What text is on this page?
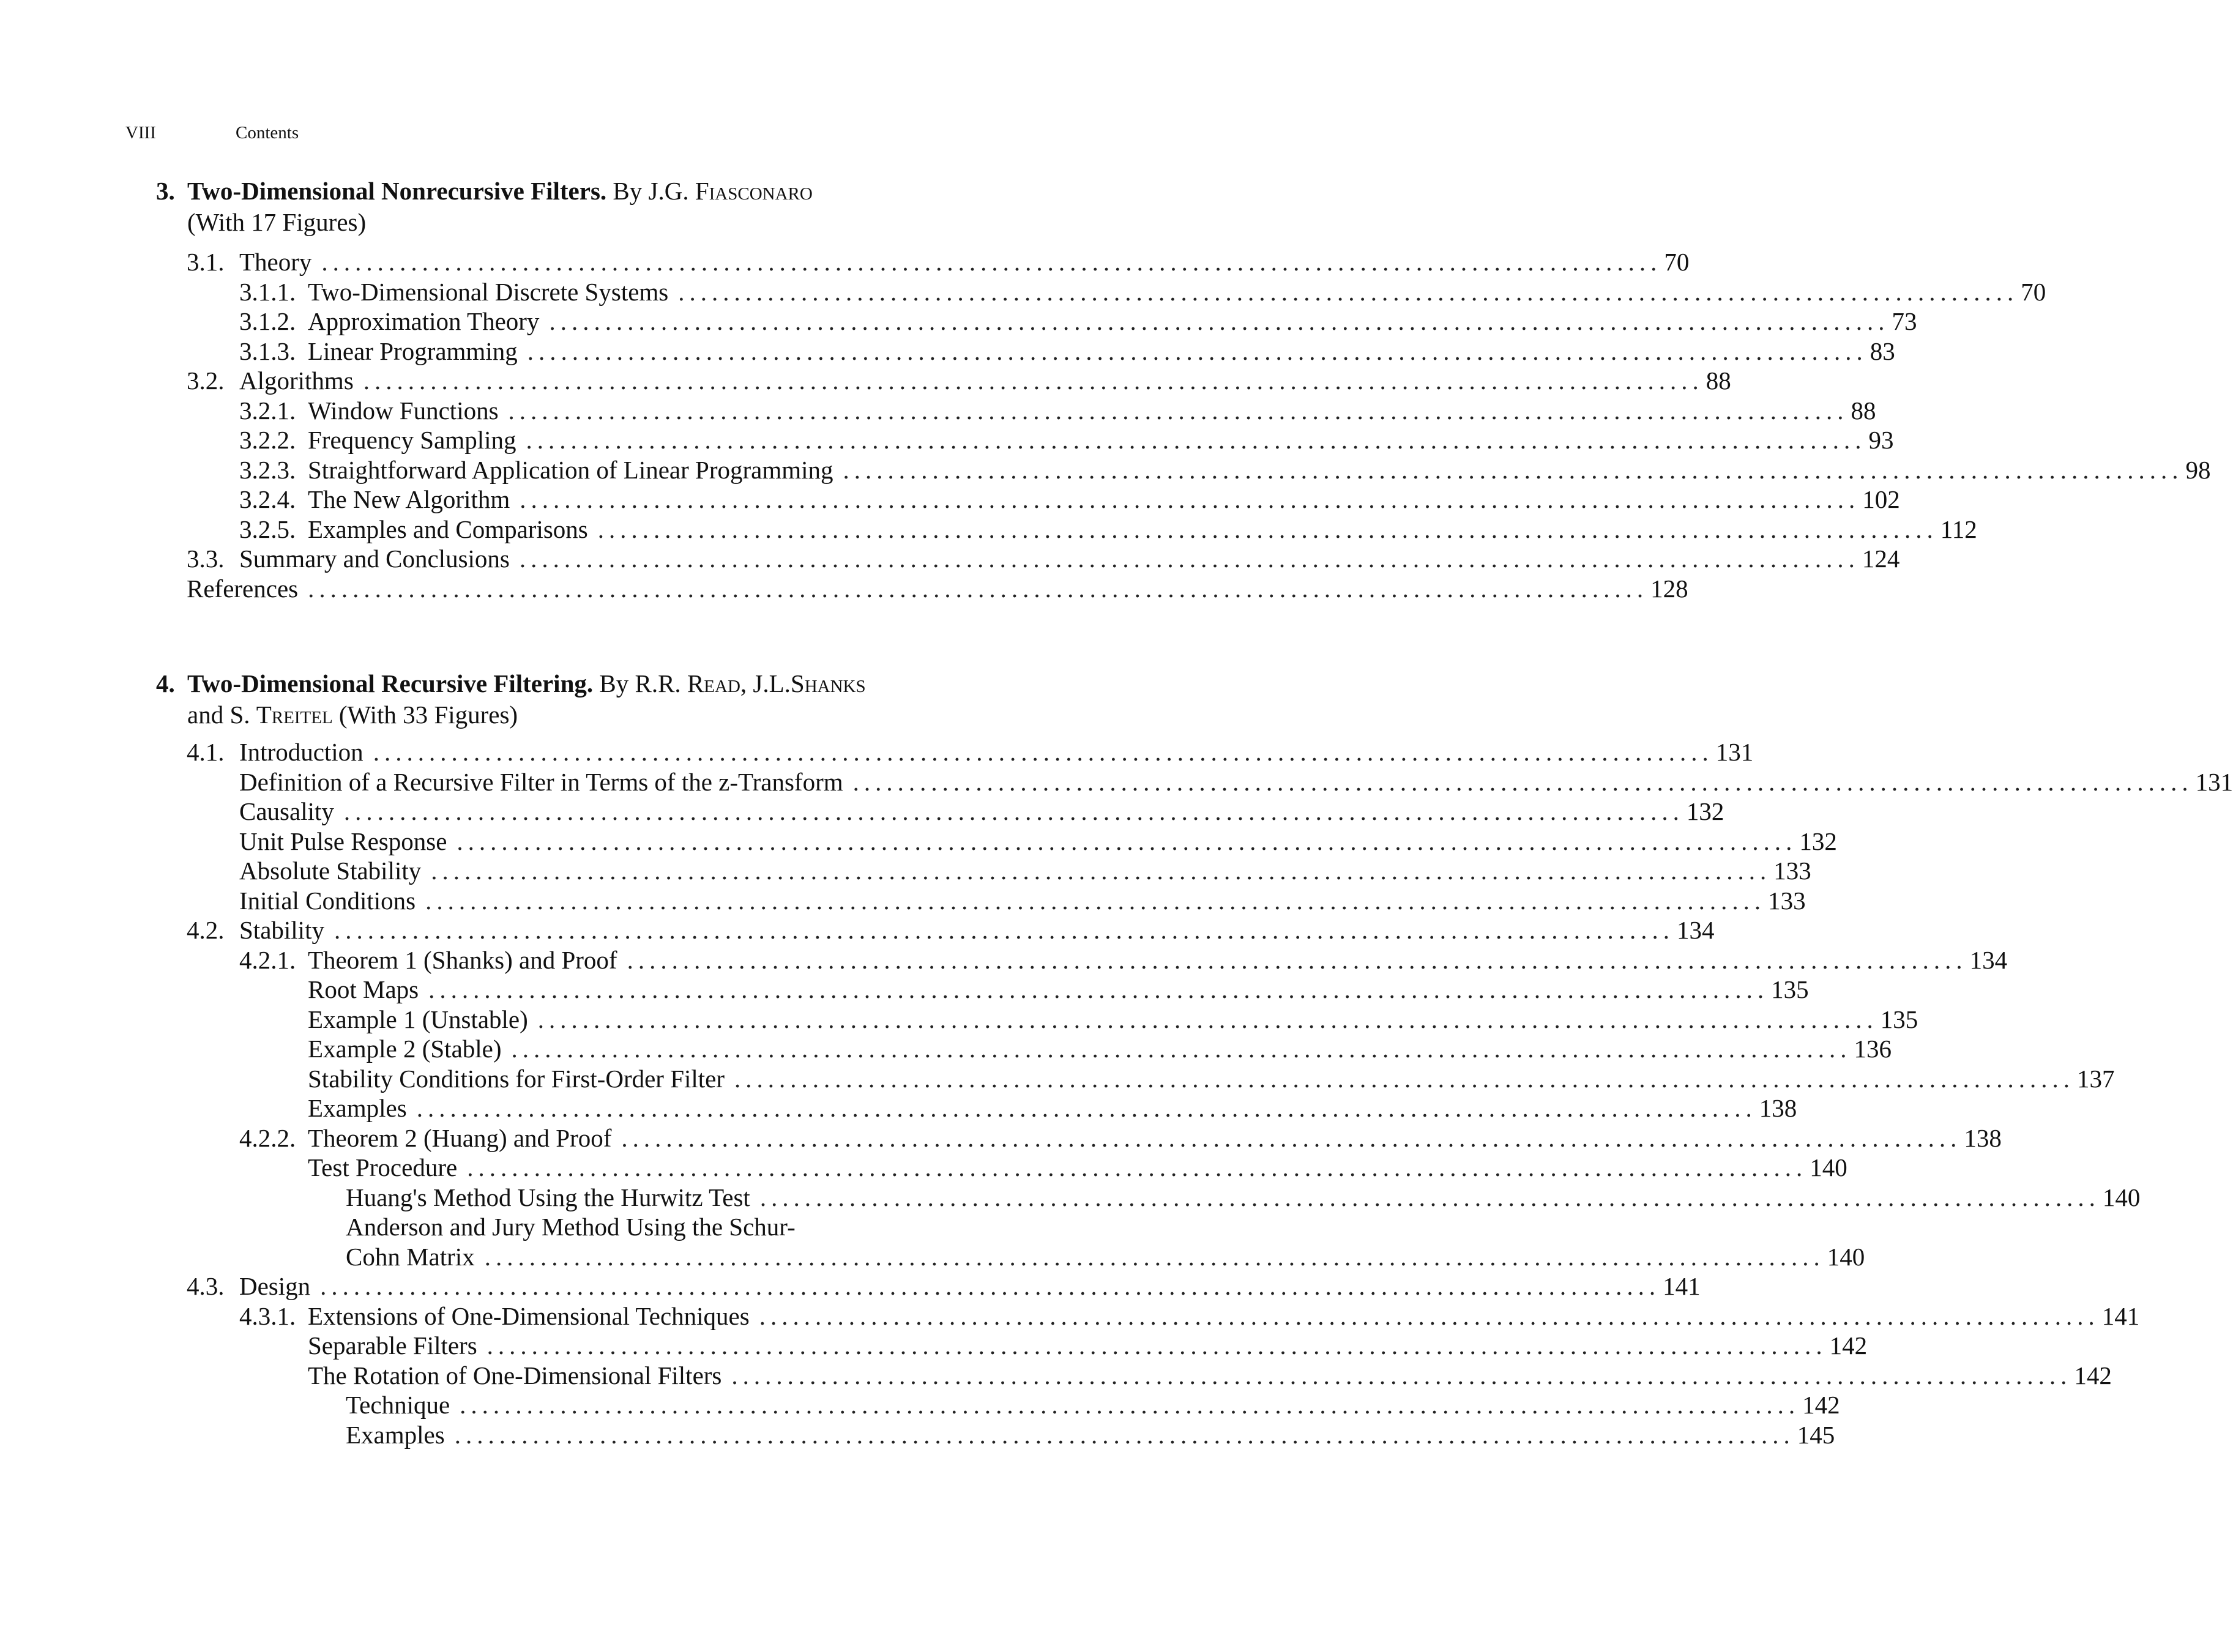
VIII	Contents
3. Two-Dimensional Nonrecursive Filters. By J.G. Fiasconaro
(With 17 Figures)
3.1. Theory ........................................................................................................................ 70
3.1.1. Two-Dimensional Discrete Systems ........................................................................................................................ 70
3.1.2. Approximation Theory ........................................................................................................................ 73
3.1.3. Linear Programming ........................................................................................................................ 83
3.2. Algorithms ........................................................................................................................ 88
3.2.1. Window Functions ........................................................................................................................ 88
3.2.2. Frequency Sampling ........................................................................................................................ 93
3.2.3. Straightforward Application of Linear Programming ........................................................................................................................ 98
3.2.4. The New Algorithm ........................................................................................................................ 102
3.2.5. Examples and Comparisons ........................................................................................................................ 112
3.3. Summary and Conclusions ........................................................................................................................ 124
References ........................................................................................................................ 128
4. Two-Dimensional Recursive Filtering. By R.R. Read, J.L.Shanks
and S. Treitel (With 33 Figures)
4.1. Introduction ........................................................................................................................ 131
Definition of a Recursive Filter in Terms of the z-Transform ........................................................................................................................ 131
Causality ........................................................................................................................ 132
Unit Pulse Response ........................................................................................................................ 132
Absolute Stability ........................................................................................................................ 133
Initial Conditions ........................................................................................................................ 133
4.2. Stability ........................................................................................................................ 134
4.2.1. Theorem 1 (Shanks) and Proof ........................................................................................................................ 134
Root Maps ........................................................................................................................ 135
Example 1 (Unstable) ........................................................................................................................ 135
Example 2 (Stable) ........................................................................................................................ 136
Stability Conditions for First-Order Filter ........................................................................................................................ 137
Examples ........................................................................................................................ 138
4.2.2. Theorem 2 (Huang) and Proof ........................................................................................................................ 138
Test Procedure ........................................................................................................................ 140
Huang's Method Using the Hurwitz Test ........................................................................................................................ 140
Anderson and Jury Method Using the Schur-
Cohn Matrix ........................................................................................................................ 140
4.3. Design ........................................................................................................................ 141
4.3.1. Extensions of One-Dimensional Techniques ........................................................................................................................ 141
Separable Filters ........................................................................................................................ 142
The Rotation of One-Dimensional Filters ........................................................................................................................ 142
Technique ........................................................................................................................ 142
Examples ........................................................................................................................ 145
